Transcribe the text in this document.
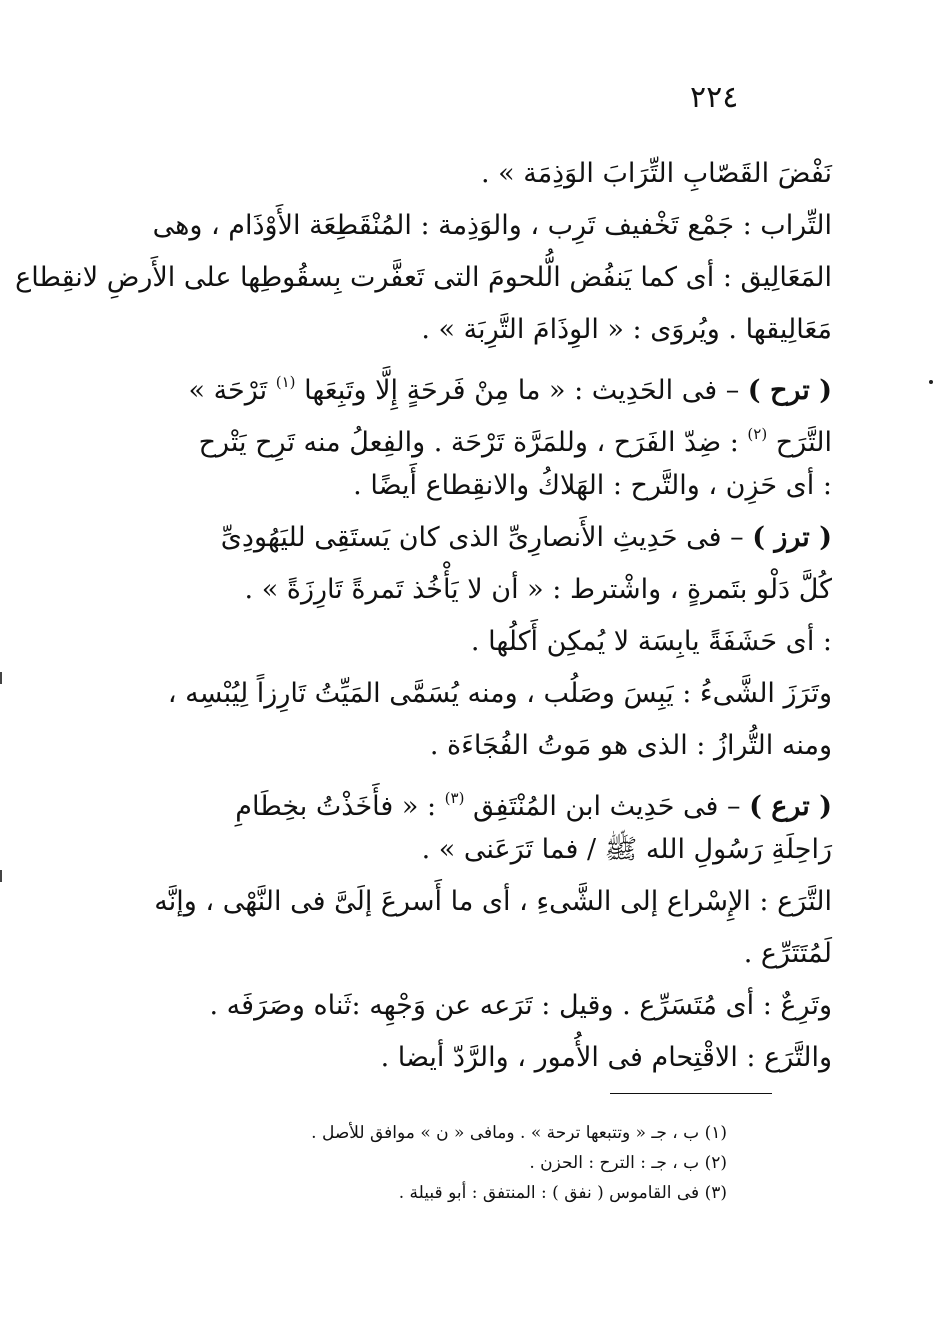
٢٢٤
نَفْضَ القَصّابِ التِّرَابَ الوَذِمَة » .
التِّراب : جَمْع تَخْفيف تَرِب ، والوَذِمة : المُنْقَطِعَة الأَوْذَام ، وهى
المَعَالِيق : أى كما يَنفُض الُّلحومَ التى تَعفَّرت بِسقُوطِها على الأَرضِ لانقِطاع
مَعَالِيقها . ويُروَى : « الوِذَامَ التَّرِبَة » .
( ترح ) – فى الحَدِيث : « ما مِنْ فَرحَةٍ إِلَّا وتَبِعَها $^{(١)}$ تَرْحَة »
التَّرَح $^{(٢)}$ : ضِدّ الفَرَح ، وللمَرَّة تَرْحَة . والفِعلُ منه تَرِح يَتْرح
: أى حَزِن ، والتَّرح : الهَلاكُ والانقِطاع أَيضًا .
( ترز ) – فى حَدِيثِ الأَنصارِىِّ الذى كان يَستَقِى لليَهُودِىِّ
كُلَّ دَلْو بتَمرةٍ ، واشْترط : « أن لا يَأْخُذ تَمرةً تَارِزَةً » .
: أى حَشَفَةً يابِسَة لا يُمكِن أَكلُها .
وتَرَزَ الشَّىءُ : يَبِسَ وصَلُب ، ومنه يُسَمَّى المَيِّتُ تَارِزاً لِيُبْسِه ،
ومنه التُّرازُ : الذى هو مَوتُ الفُجَاءَة .
( ترع ) – فى حَدِيث ابن المُنْتَفِق $^{(٣)}$ : « فأَخَذْتُ بخِطَامِ
رَاحِلَةِ رَسُولِ الله ﷺ / فما تَرَعَنى » .
التَّرَع : الإِسْراع إلى الشَّىءِ ، أى ما أَسرعَ إلَىَّ فى النَّهْى ، وإنَّه
لَمُتَتَرِّع .
وتَرِعٌ : أى مُتَسَرِّع . وقيل : تَرَعه عن وَجْهِه :ثَناه وصَرَفَه .
والتَّرَع : الاقْتِحام فى الأُمور ، والرَّدّ أيضا .
(١) ب ، جـ « وتتبعها ترحة » . ومافى « ن » موافق للأصل .
(٢) ب ، جـ : الترح : الحزن .
(٣) فى القاموس ( نفق ) : المنتفق : أبو قبيلة .
